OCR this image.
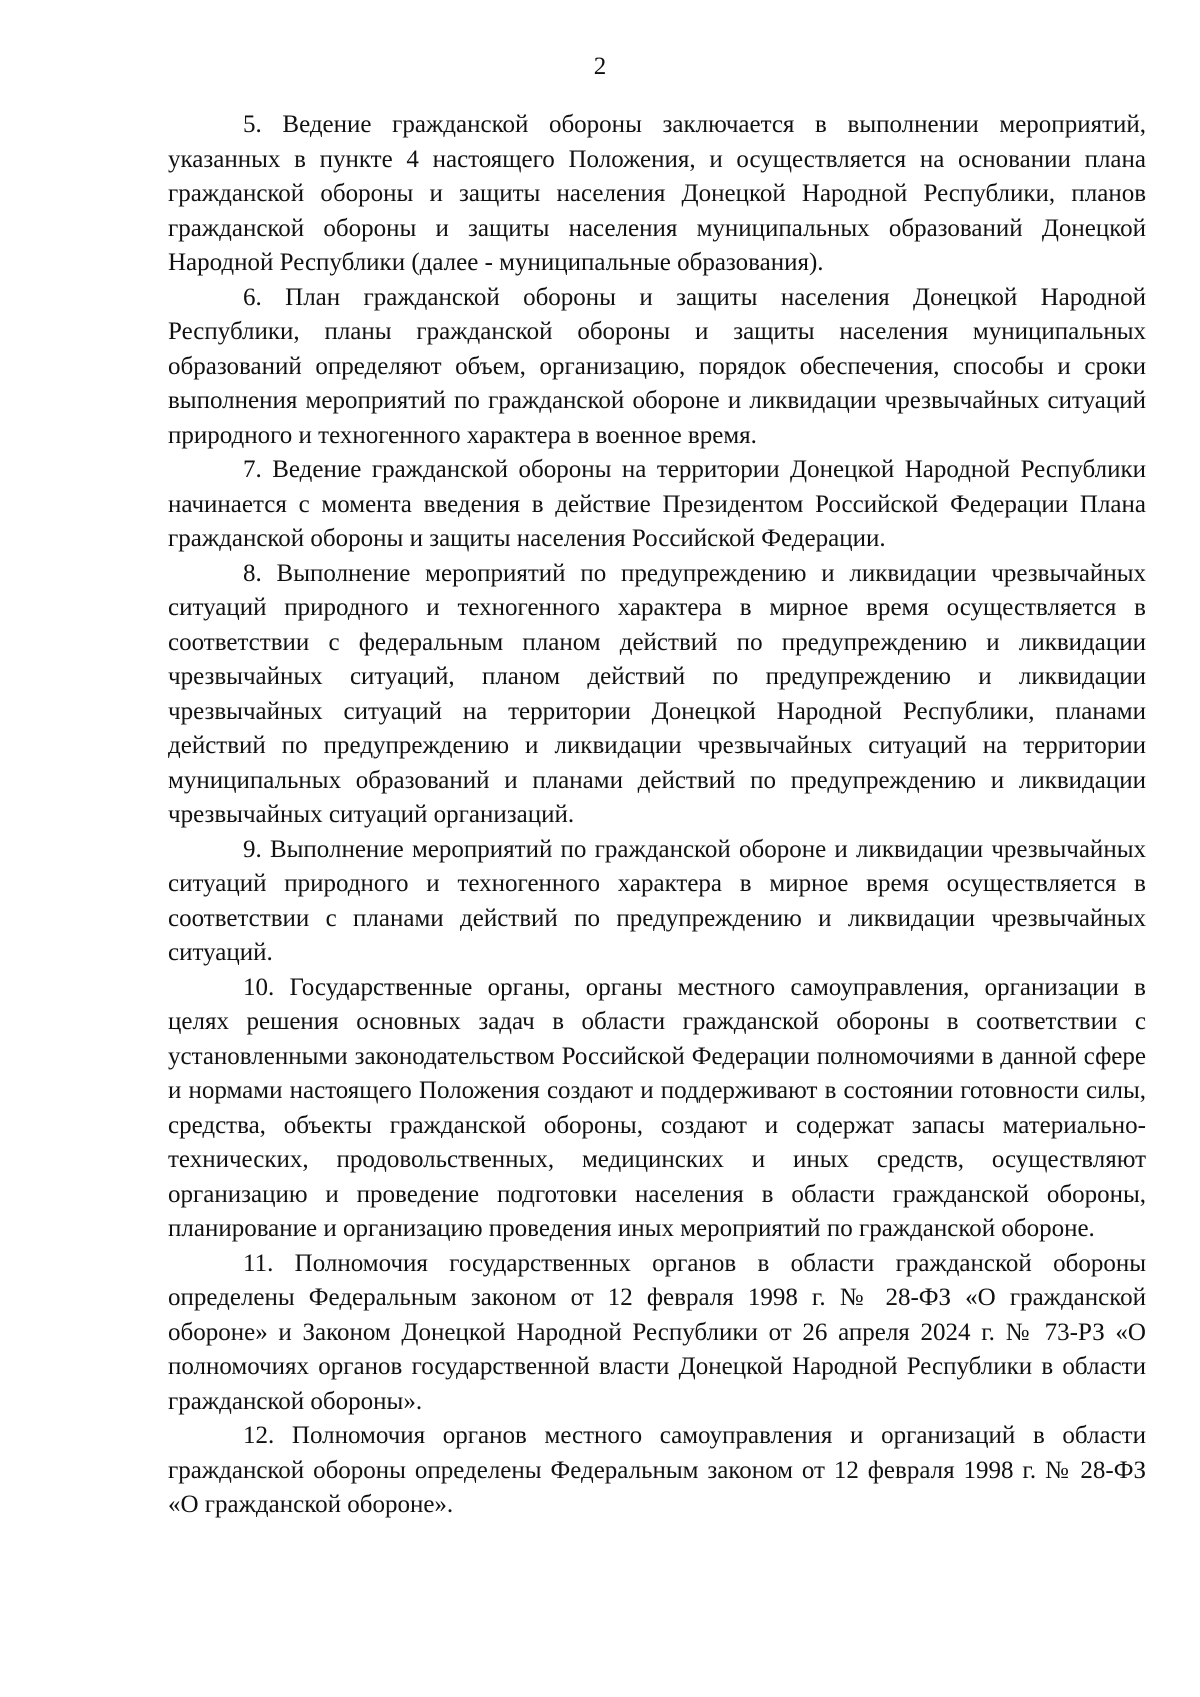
2

5. Ведение гражданской обороны заключается в выполнении мероприятий, указанных в пункте 4 настоящего Положения, и осуществляется на основании плана гражданской обороны и защиты населения Донецкой Народной Республики, планов гражданской обороны и защиты населения муниципальных образований Донецкой Народной Республики (далее - муниципальные образования).

6. План гражданской обороны и защиты населения Донецкой Народной Республики, планы гражданской обороны и защиты населения муниципальных образований определяют объем, организацию, порядок обеспечения, способы и сроки выполнения мероприятий по гражданской обороне и ликвидации чрезвычайных ситуаций природного и техногенного характера в военное время.

7. Ведение гражданской обороны на территории Донецкой Народной Республики начинается с момента введения в действие Президентом Российской Федерации Плана гражданской обороны и защиты населения Российской Федерации.

8. Выполнение мероприятий по предупреждению и ликвидации чрезвычайных ситуаций природного и техногенного характера в мирное время осуществляется в соответствии с федеральным планом действий по предупреждению и ликвидации чрезвычайных ситуаций, планом действий по предупреждению и ликвидации чрезвычайных ситуаций на территории Донецкой Народной Республики, планами действий по предупреждению и ликвидации чрезвычайных ситуаций на территории муниципальных образований и планами действий по предупреждению и ликвидации чрезвычайных ситуаций организаций.

9. Выполнение мероприятий по гражданской обороне и ликвидации чрезвычайных ситуаций природного и техногенного характера в мирное время осуществляется в соответствии с планами действий по предупреждению и ликвидации чрезвычайных ситуаций.

10. Государственные органы, органы местного самоуправления, организации в целях решения основных задач в области гражданской обороны в соответствии с установленными законодательством Российской Федерации полномочиями в данной сфере и нормами настоящего Положения создают и поддерживают в состоянии готовности силы, средства, объекты гражданской обороны, создают и содержат запасы материально-технических, продовольственных, медицинских и иных средств, осуществляют организацию и проведение подготовки населения в области гражданской обороны, планирование и организацию проведения иных мероприятий по гражданской обороне.

11. Полномочия государственных органов в области гражданской обороны определены Федеральным законом от 12 февраля 1998 г. № 28-ФЗ «О гражданской обороне» и Законом Донецкой Народной Республики от 26 апреля 2024 г. № 73-РЗ «О полномочиях органов государственной власти Донецкой Народной Республики в области гражданской обороны».

12. Полномочия органов местного самоуправления и организаций в области гражданской обороны определены Федеральным законом от 12 февраля 1998 г. № 28-ФЗ «О гражданской обороне».
